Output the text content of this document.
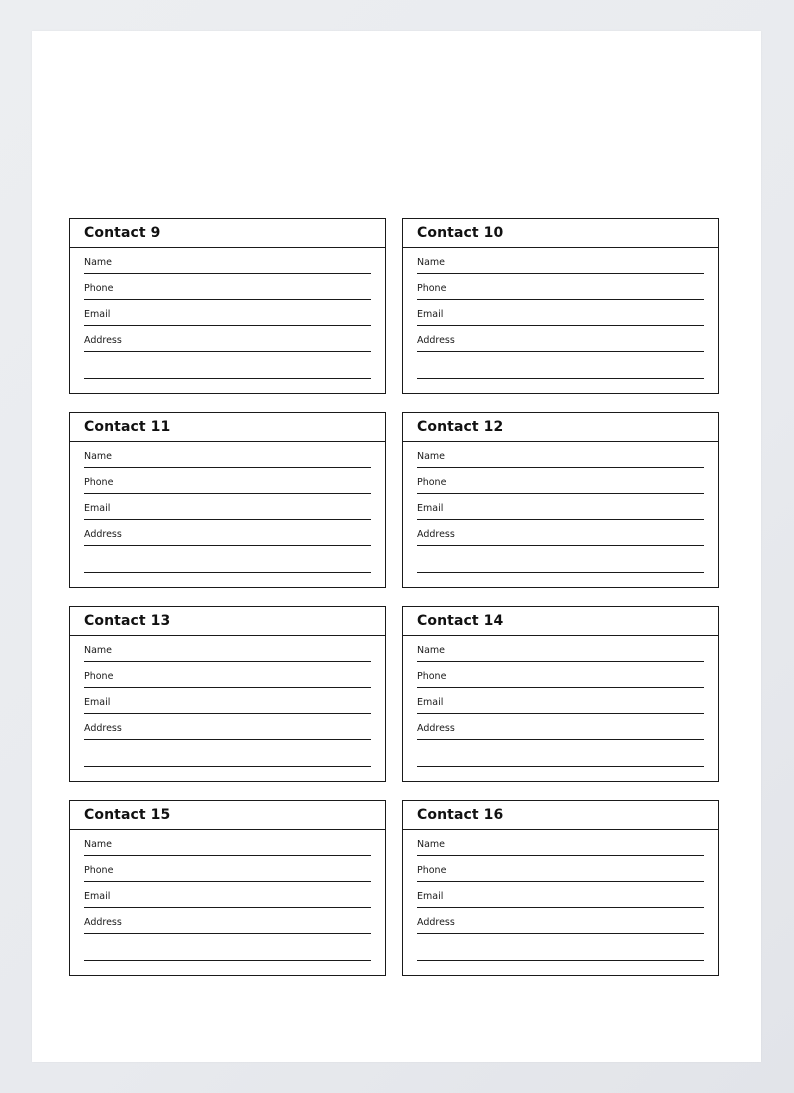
Contact 9
Name
Phone
Email
Address
Contact 10
Name
Phone
Email
Address
Contact 11
Name
Phone
Email
Address
Contact 12
Name
Phone
Email
Address
Contact 13
Name
Phone
Email
Address
Contact 14
Name
Phone
Email
Address
Contact 15
Name
Phone
Email
Address
Contact 16
Name
Phone
Email
Address
